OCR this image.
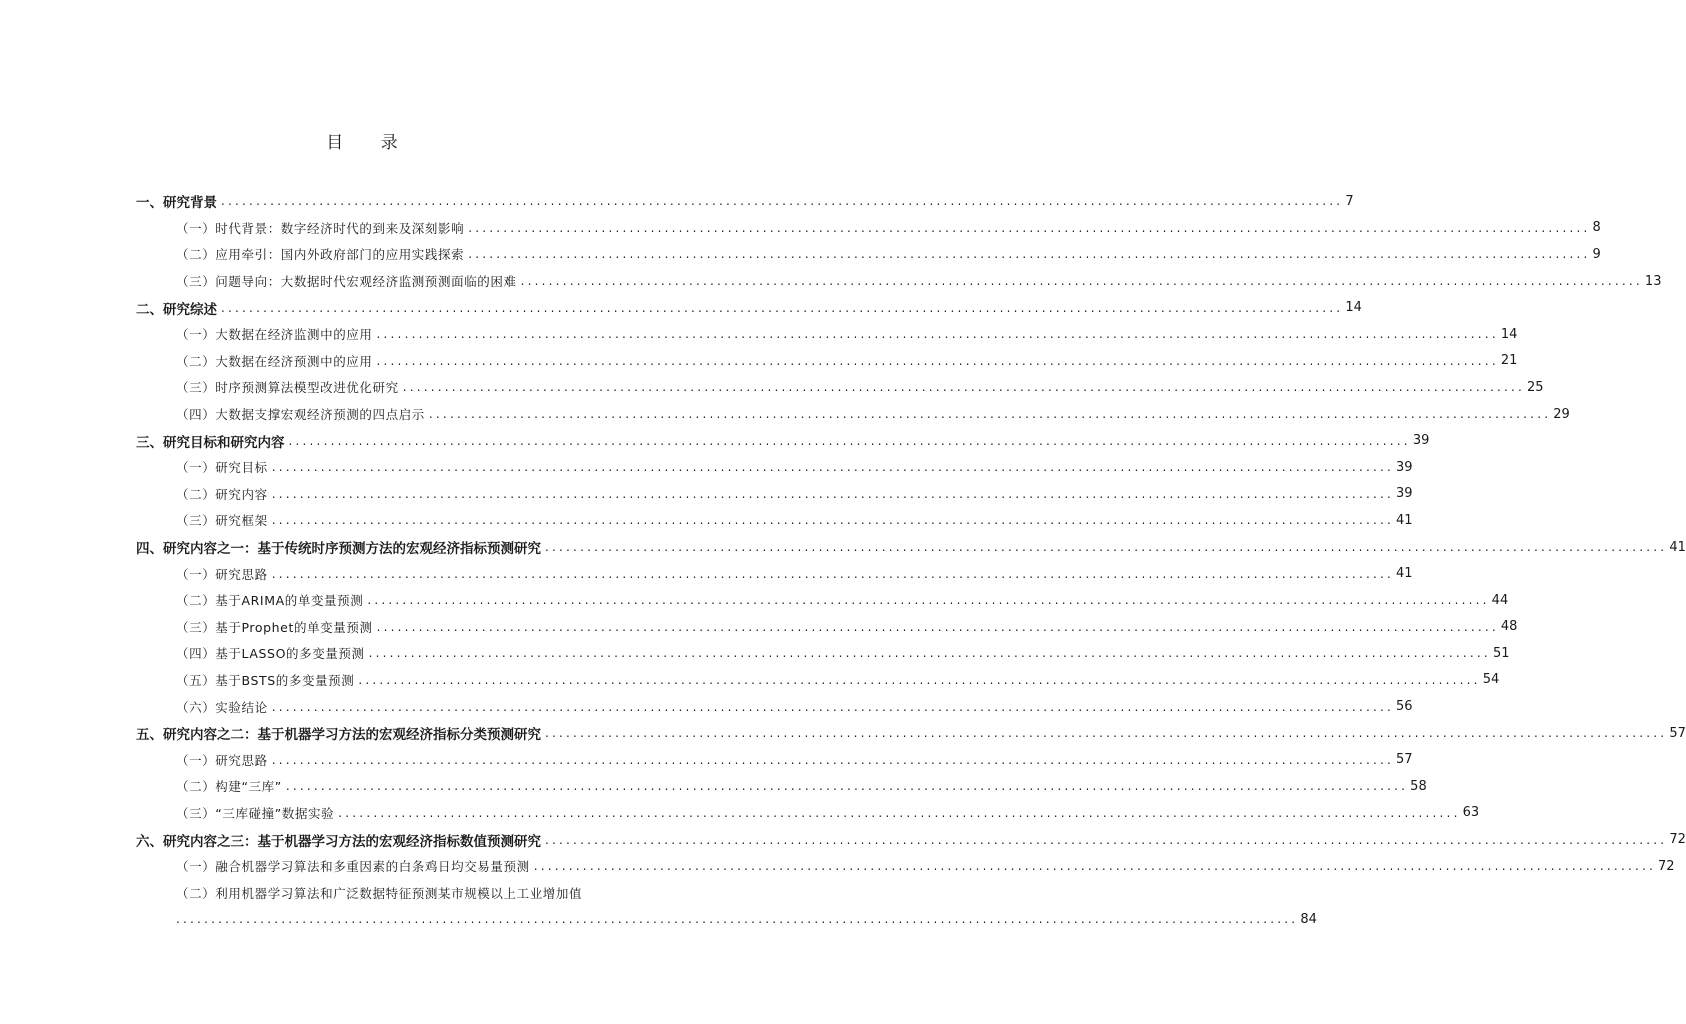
目 录
一、研究背景 ................................................................................................................................................................ 7
（一）时代背景：数字经济时代的到来及深刻影响 ................................................................................................................................................................ 8
（二）应用牵引：国内外政府部门的应用实践探索 ................................................................................................................................................................ 9
（三）问题导向：大数据时代宏观经济监测预测面临的困难 ................................................................................................................................................................ 13
二、研究综述 ................................................................................................................................................................ 14
（一）大数据在经济监测中的应用 ................................................................................................................................................................ 14
（二）大数据在经济预测中的应用 ................................................................................................................................................................ 21
（三）时序预测算法模型改进优化研究 ................................................................................................................................................................ 25
（四）大数据支撑宏观经济预测的四点启示 ................................................................................................................................................................ 29
三、研究目标和研究内容 ................................................................................................................................................................ 39
（一）研究目标 ................................................................................................................................................................ 39
（二）研究内容 ................................................................................................................................................................ 39
（三）研究框架 ................................................................................................................................................................ 41
四、研究内容之一：基于传统时序预测方法的宏观经济指标预测研究 ................................................................................................................................................................ 41
（一）研究思路 ................................................................................................................................................................ 41
（二）基于ARIMA的单变量预测 ................................................................................................................................................................ 44
（三）基于Prophet的单变量预测 ................................................................................................................................................................ 48
（四）基于LASSO的多变量预测 ................................................................................................................................................................ 51
（五）基于BSTS的多变量预测 ................................................................................................................................................................ 54
（六）实验结论 ................................................................................................................................................................ 56
五、研究内容之二：基于机器学习方法的宏观经济指标分类预测研究 ................................................................................................................................................................ 57
（一）研究思路 ................................................................................................................................................................ 57
（二）构建“三库” ................................................................................................................................................................ 58
（三）“三库碰撞”数据实验 ................................................................................................................................................................ 63
六、研究内容之三：基于机器学习方法的宏观经济指标数值预测研究 ................................................................................................................................................................ 72
（一）融合机器学习算法和多重因素的白条鸡日均交易量预测 ................................................................................................................................................................ 72
（二）利用机器学习算法和广泛数据特征预测某市规模以上工业增加值
................................................................................................................................................................ 84
